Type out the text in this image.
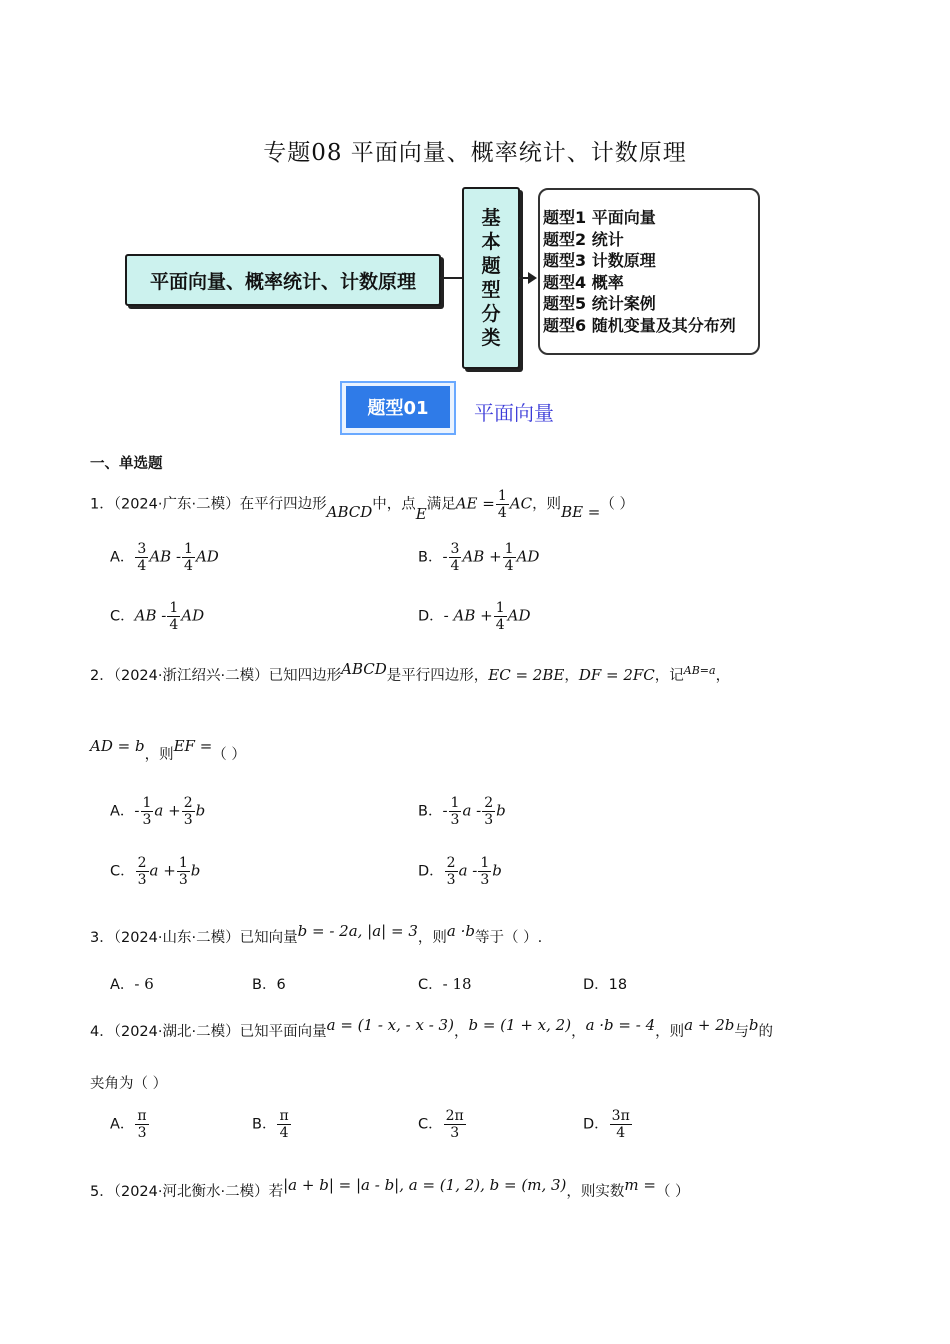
专题08 平面向量、概率统计、计数原理
平面向量、概率统计、计数原理
基
本
题
型
分
类
题型1 平面向量
题型2 统计
题型3 计数原理
题型4 概率
题型5 统计案例
题型6 随机变量及其分布列
题型01	平面向量
一、单选题
1．（2024·广东·二模）在平行四边形ABCD中，点E满足AE = $\frac{1}{4}$ AC，则BE =（ ）
A． $\frac{3}{4}$ AB - $\frac{1}{4}$ AD	B．- $\frac{3}{4}$ AB + $\frac{1}{4}$ AD
C．AB - $\frac{1}{4}$ AD	D．- AB + $\frac{1}{4}$ AD
2．（2024·浙江绍兴·二模）已知四边形ABCD是平行四边形，EC = 2BE，DF = 2FC，记$^{AB=a}$，
AD = b，则EF =（ ）
A．- $\frac{1}{3}$ $a + \frac{2}{3}$ b	B．- $\frac{1}{3}$ a - $\frac{2}{3}$ b
C． $\frac{2}{3}$ $a + \frac{1}{3}$ b	D． $\frac{2}{3}$ a - $\frac{1}{3}$ b
3．（2024·山东·二模）已知向量b = - 2a, |a| = 3，则a ·b等于（ ）.
A．- 6	B．6	C．- 18	D．18
4．（2024·湖北·二模）已知平面向量a = (1 - x, - x - 3)，b = (1 + x, 2)，a ·b = - 4，则a + 2b与b的
夹角为（ ）
A． $\frac{\pi}{3}$	B． $\frac{\pi}{4}$	C． $\frac{2\pi}{3}$	D． $\frac{3\pi}{4}$
5．（2024·河北衡水·二模）若|a + b| = |a - b|, a = (1, 2), b = (m, 3)，则实数m =（ ）
